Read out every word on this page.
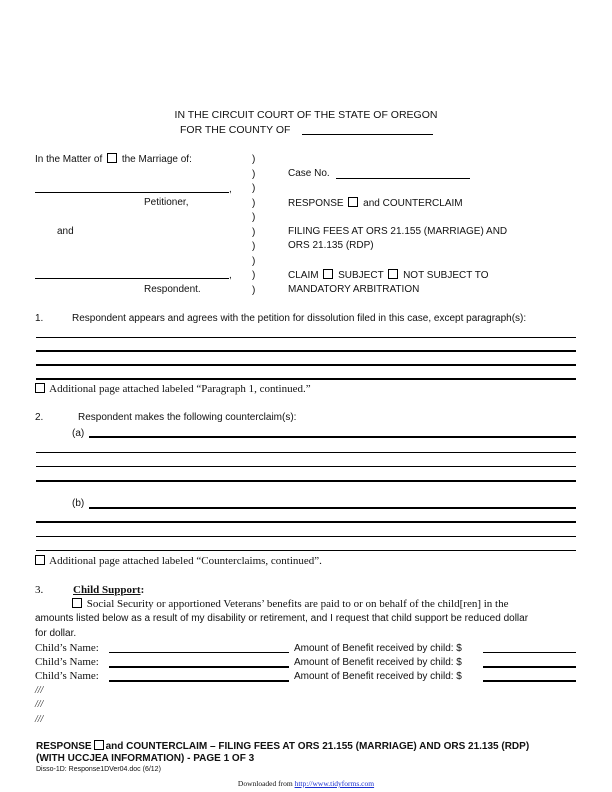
IN THE CIRCUIT COURT OF THE STATE OF OREGON
FOR THE COUNTY OF
In the Matter of the Marriage of:
,
Petitioner,
and
,
Respondent.
)
)
)
)
)
)
)
)
)
)
Case No.
RESPONSE and COUNTERCLAIM
FILING FEES AT ORS 21.155 (MARRIAGE) AND
ORS 21.135 (RDP)
CLAIM SUBJECT NOT SUBJECT TO
MANDATORY ARBITRATION
1.	Respondent appears and agrees with the petition for dissolution filed in this case, except paragraph(s):
Additional page attached labeled “Paragraph 1, continued.”
2.	Respondent makes the following counterclaim(s):
(a)
(b)
Additional page attached labeled “Counterclaims, continued”.
3.	Child Support:
Social Security or apportioned Veterans’ benefits are paid to or on behalf of the child[ren] in the
amounts listed below as a result of my disability or retirement, and I request that child support be reduced dollar
for dollar.
Child’s Name:	Amount of Benefit received by child: $
Child’s Name:	Amount of Benefit received by child: $
Child’s Name:	Amount of Benefit received by child: $
///
///
///
RESPONSE and COUNTERCLAIM – FILING FEES AT ORS 21.155 (MARRIAGE) AND ORS 21.135 (RDP)
(WITH UCCJEA INFORMATION) - PAGE 1 OF 3
Disso-1D: Response1DVer04.doc (6/12)
Downloaded from http://www.tidyforms.com
